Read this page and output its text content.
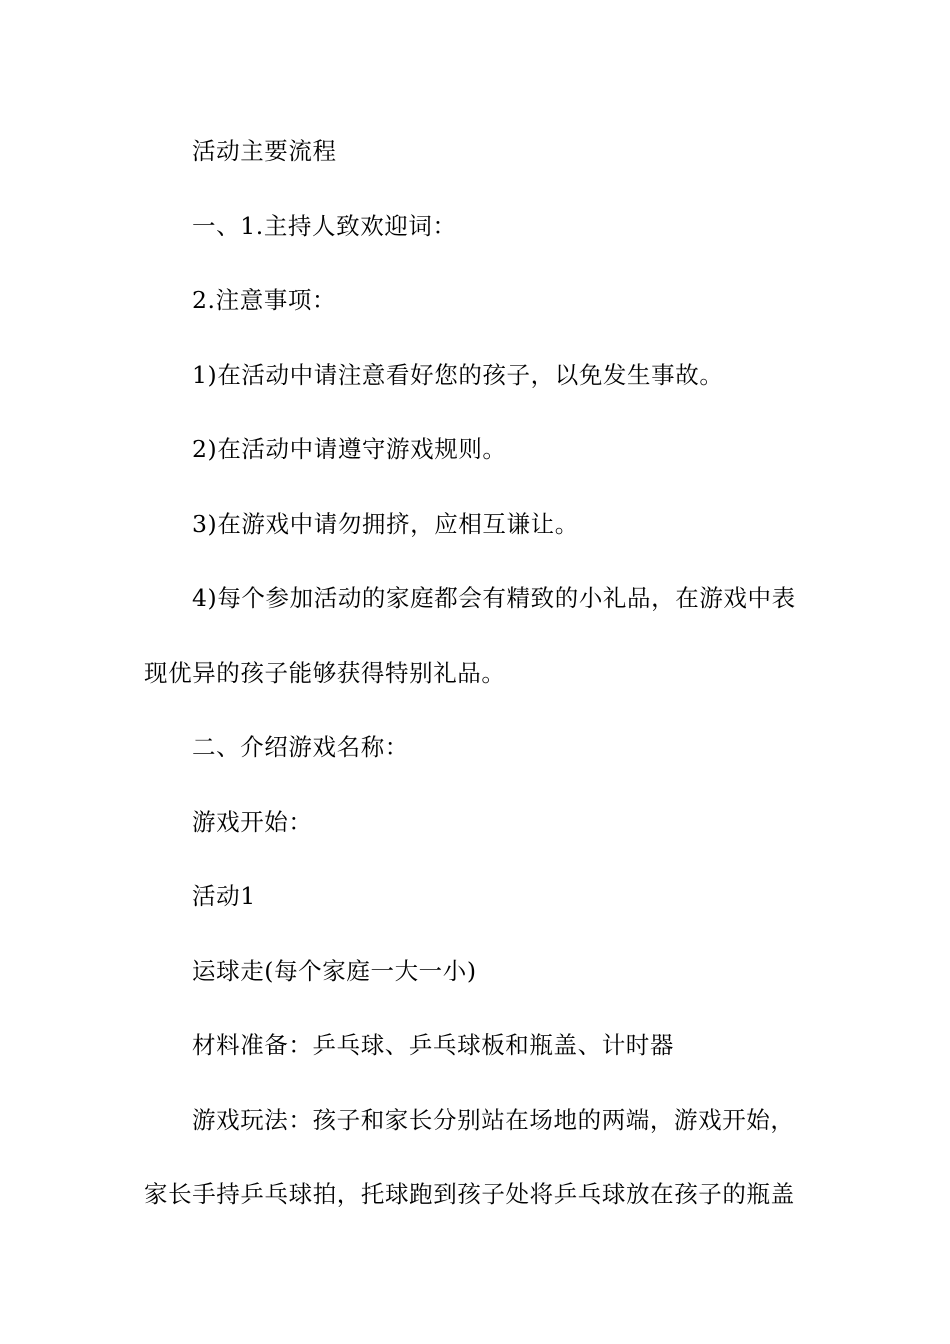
活动主要流程

一、1.主持人致欢迎词：

2.注意事项：

1)在活动中请注意看好您的孩子，以免发生事故。

2)在活动中请遵守游戏规则。

3)在游戏中请勿拥挤，应相互谦让。

4)每个参加活动的家庭都会有精致的小礼品，在游戏中表

现优异的孩子能够获得特别礼品。

二、介绍游戏名称：

游戏开始：

活动1

运球走(每个家庭一大一小)

材料准备：乒乓球、乒乓球板和瓶盖、计时器

游戏玩法：孩子和家长分别站在场地的两端，游戏开始，

家长手持乒乓球拍，托球跑到孩子处将乒乓球放在孩子的瓶盖
